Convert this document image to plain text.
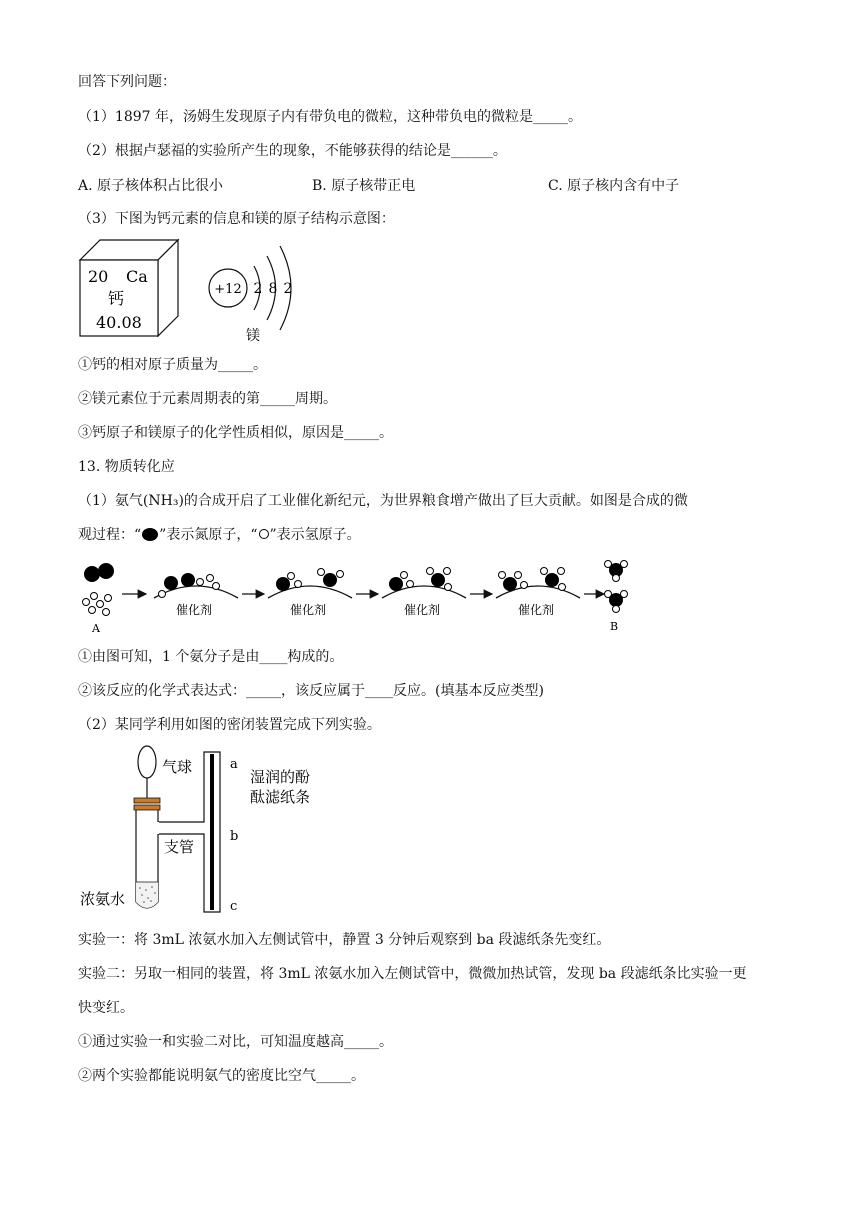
回答下列问题：
（1）1897 年，汤姆生发现原子内有带负电的微粒，这种带负电的微粒是_____。
（2）根据卢瑟福的实验所产生的现象，不能够获得的结论是______。
A. 原子核体积占比很小	B. 原子核带正电	C. 原子核内含有中子
（3）下图为钙元素的信息和镁的原子结构示意图：
20 Ca
钙
40.08
+12 2 8 2
镁
①钙的相对原子质量为_____。
②镁元素位于元素周期表的第_____周期。
③钙原子和镁原子的化学性质相似，原因是_____。
13. 物质转化应
（1）氨气(NH₃)的合成开启了工业催化新纪元，为世界粮食增产做出了巨大贡献。如图是合成的微
观过程：“ ”表示氮原子，“ ”表示氢原子。
A
催化剂	催化剂	催化剂	催化剂
B
①由图可知，1 个氨分子是由____构成的。
②该反应的化学式表达式：_____，该反应属于____反应。(填基本反应类型)
（2）某同学利用如图的密闭装置完成下列实验。
气球
浓氨水
支管
a
b
c
湿润的酚
酞滤纸条
实验一：将 3mL 浓氨水加入左侧试管中，静置 3 分钟后观察到 ba 段滤纸条先变红。
实验二：另取一相同的装置，将 3mL 浓氨水加入左侧试管中，微微加热试管，发现 ba 段滤纸条比实验一更
快变红。
①通过实验一和实验二对比，可知温度越高_____。
②两个实验都能说明氨气的密度比空气_____。
